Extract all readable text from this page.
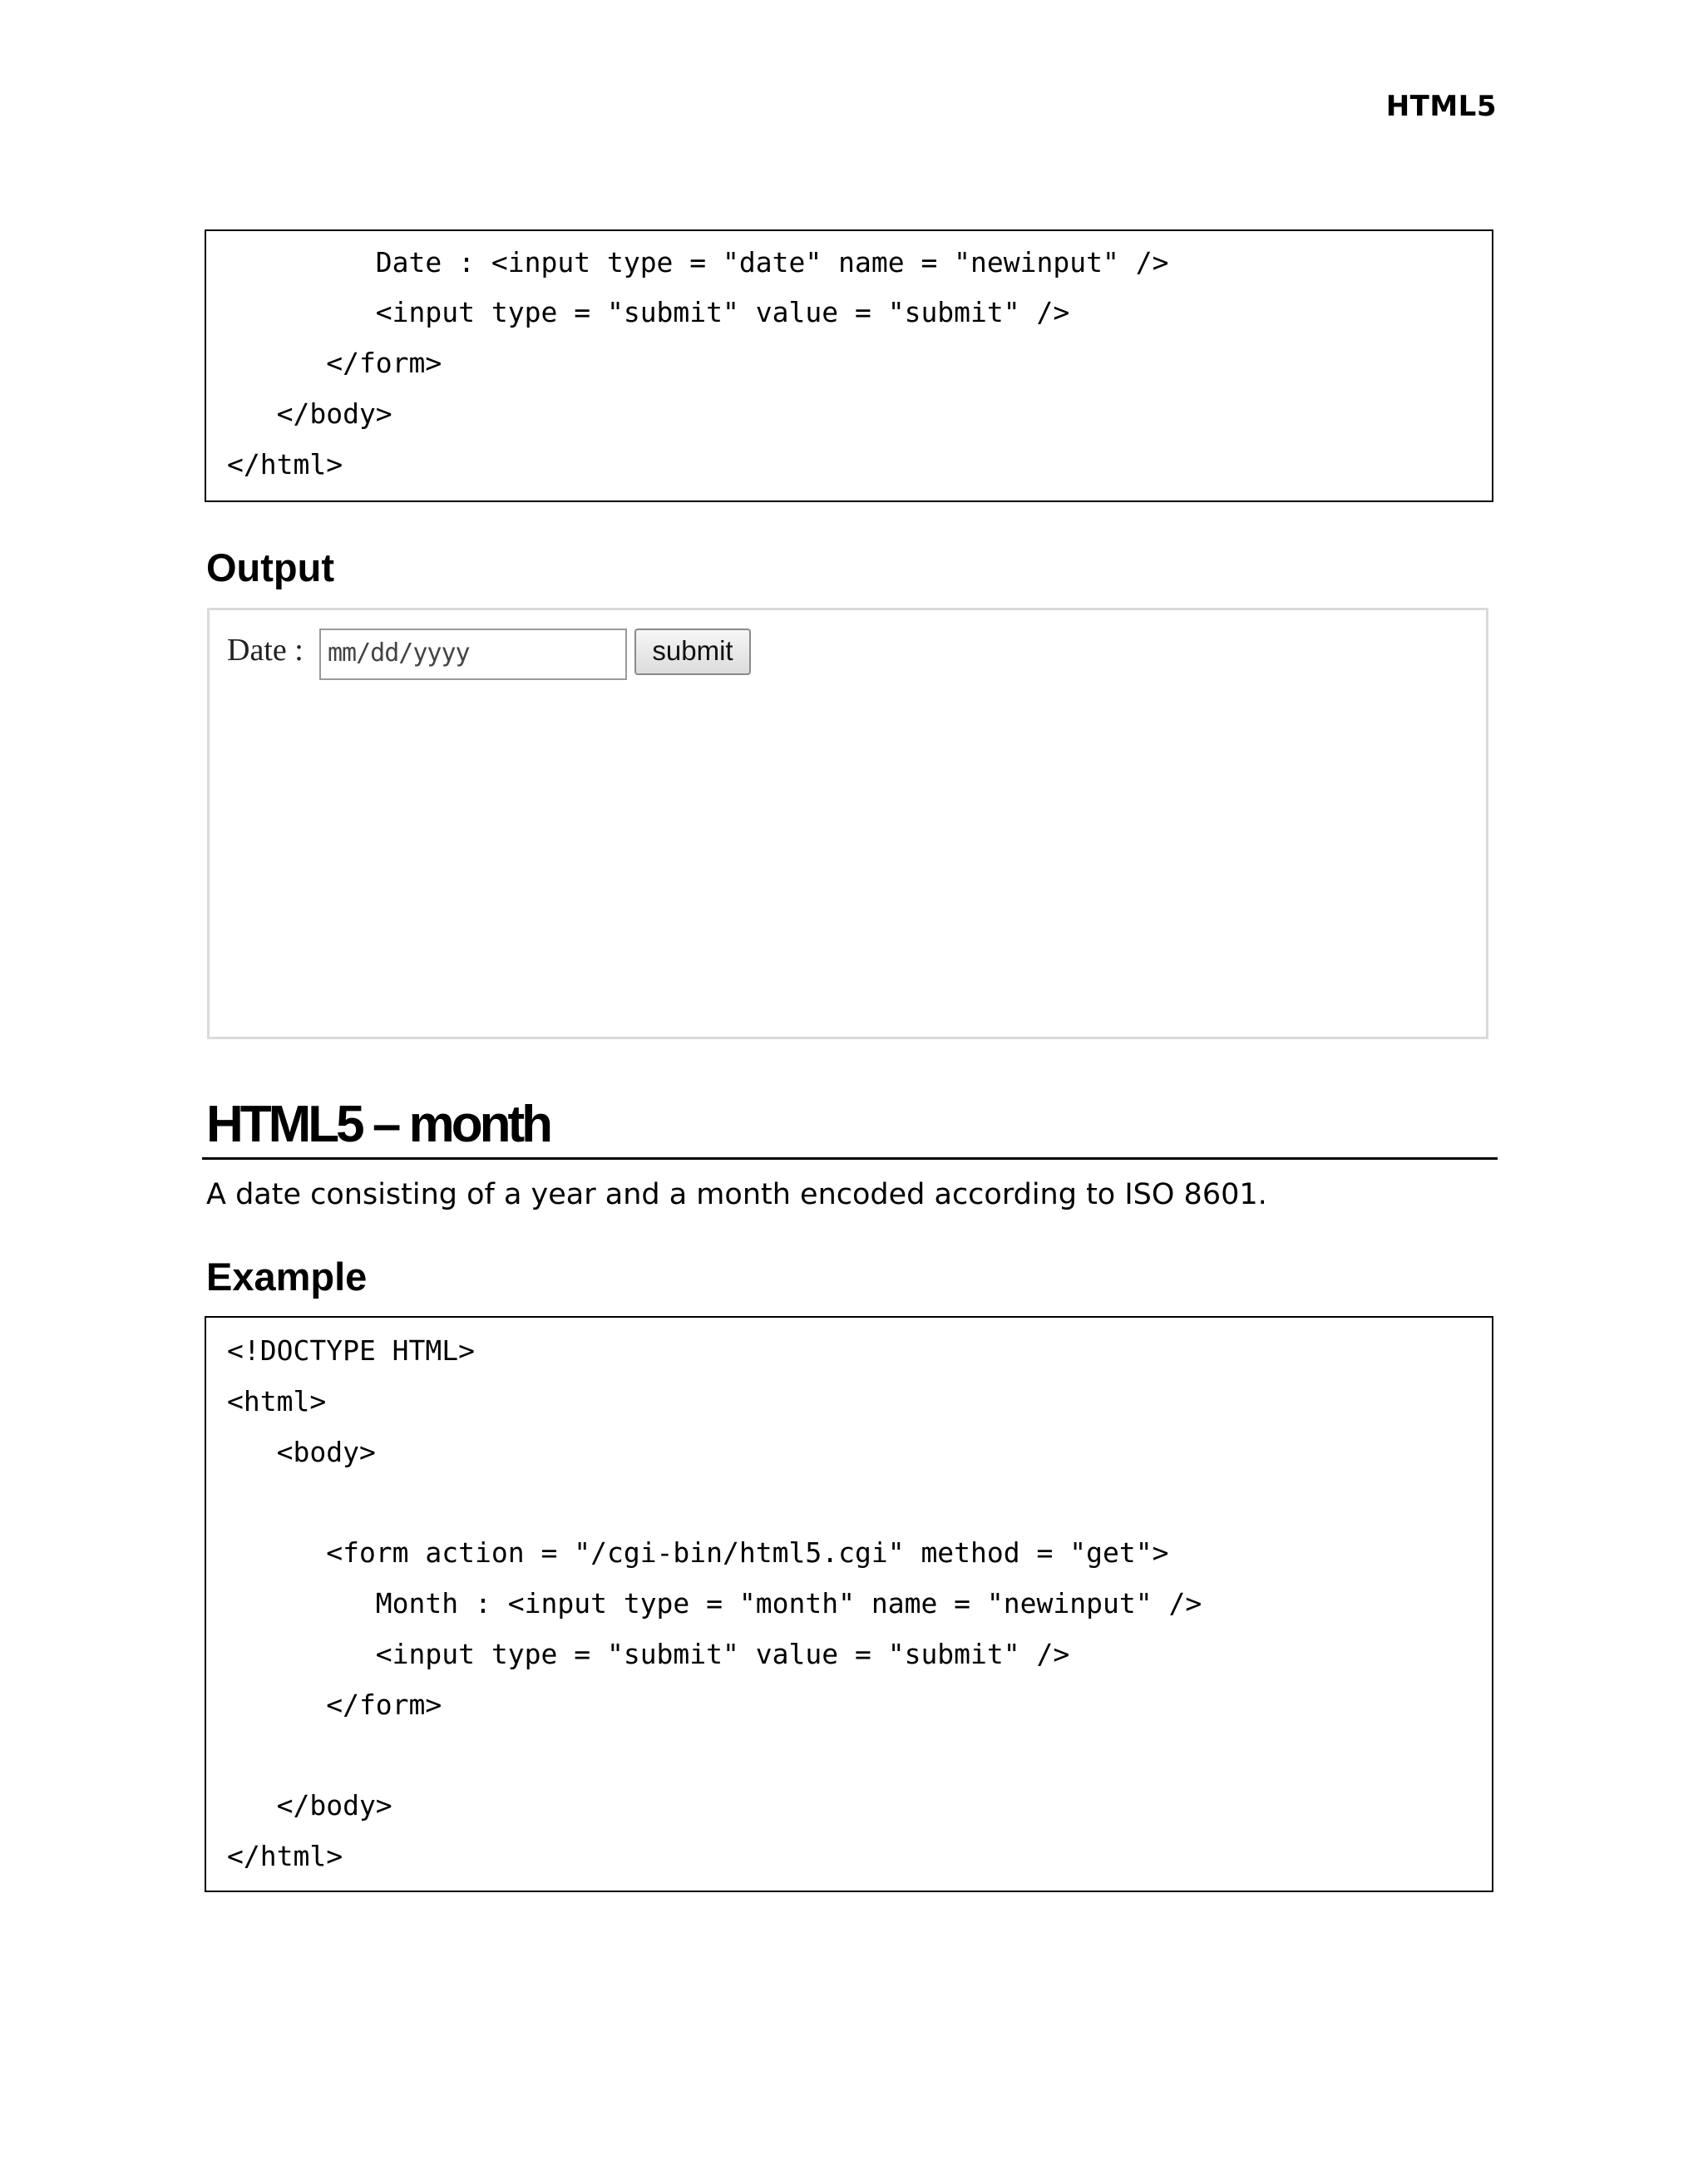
HTML5
Date : <input type = "date" name = "newinput" />
<input type = "submit" value = "submit" />
</form>
</body>
</html>
Output
Date : mm/dd/yyyy	submit
HTML5 – month
A date consisting of a year and a month encoded according to ISO 8601.
Example
<!DOCTYPE HTML>
<html>
<body>
<form action = "/cgi-bin/html5.cgi" method = "get">
Month : <input type = "month" name = "newinput" />
<input type = "submit" value = "submit" />
</form>
</body>
</html>
